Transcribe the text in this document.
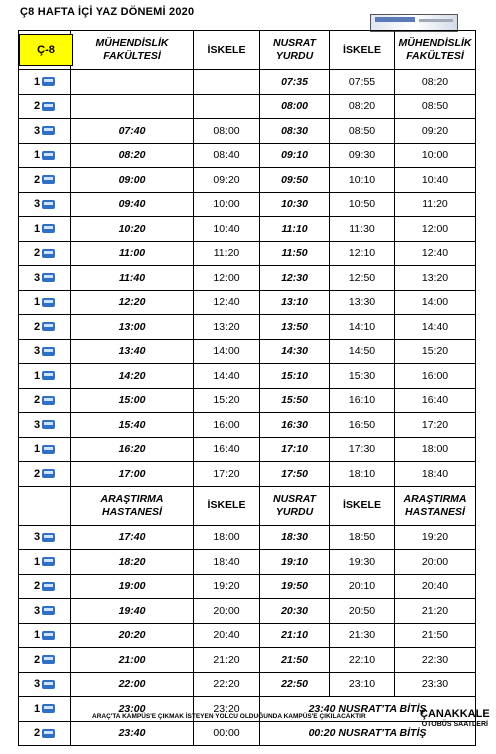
Ç8 HAFTA İÇİ YAZ DÖNEMİ 2020
Ç-8	MÜHENDİSLİK FAKÜLTESİ	İSKELE	NUSRAT YURDU	İSKELE	MÜHENDİSLİK FAKÜLTESİ
1			07:35	07:55	08:20
2			08:00	08:20	08:50
3	07:40	08:00	08:30	08:50	09:20
1	08:20	08:40	09:10	09:30	10:00
2	09:00	09:20	09:50	10:10	10:40
3	09:40	10:00	10:30	10:50	11:20
1	10:20	10:40	11:10	11:30	12:00
2	11:00	11:20	11:50	12:10	12:40
3	11:40	12:00	12:30	12:50	13:20
1	12:20	12:40	13:10	13:30	14:00
2	13:00	13:20	13:50	14:10	14:40
3	13:40	14:00	14:30	14:50	15:20
1	14:20	14:40	15:10	15:30	16:00
2	15:00	15:20	15:50	16:10	16:40
3	15:40	16:00	16:30	16:50	17:20
1	16:20	16:40	17:10	17:30	18:00
2	17:00	17:20	17:50	18:10	18:40
	ARAŞTIRMA HASTANESİ	İSKELE	NUSRAT YURDU	İSKELE	ARAŞTIRMA HASTANESİ
3	17:40	18:00	18:30	18:50	19:20
1	18:20	18:40	19:10	19:30	20:00
2	19:00	19:20	19:50	20:10	20:40
3	19:40	20:00	20:30	20:50	21:20
1	20:20	20:40	21:10	21:30	21:50
2	21:00	21:20	21:50	22:10	22:30
3	22:00	22:20	22:50	23:10	23:30
1	23:00	23:20	23:40 NUSRAT'TA BİTİŞ		
2	23:40	00:00	00:20 NUSRAT'TA BİTİŞ		
ARAÇ'TA KAMPÜS'E ÇIKMAK İSTEYEN YOLCU OLDUĞUNDA KAMPÜS'E ÇIKILACAKTIR	ÇANAKKALE
OTOBÜS SAATLERİ
